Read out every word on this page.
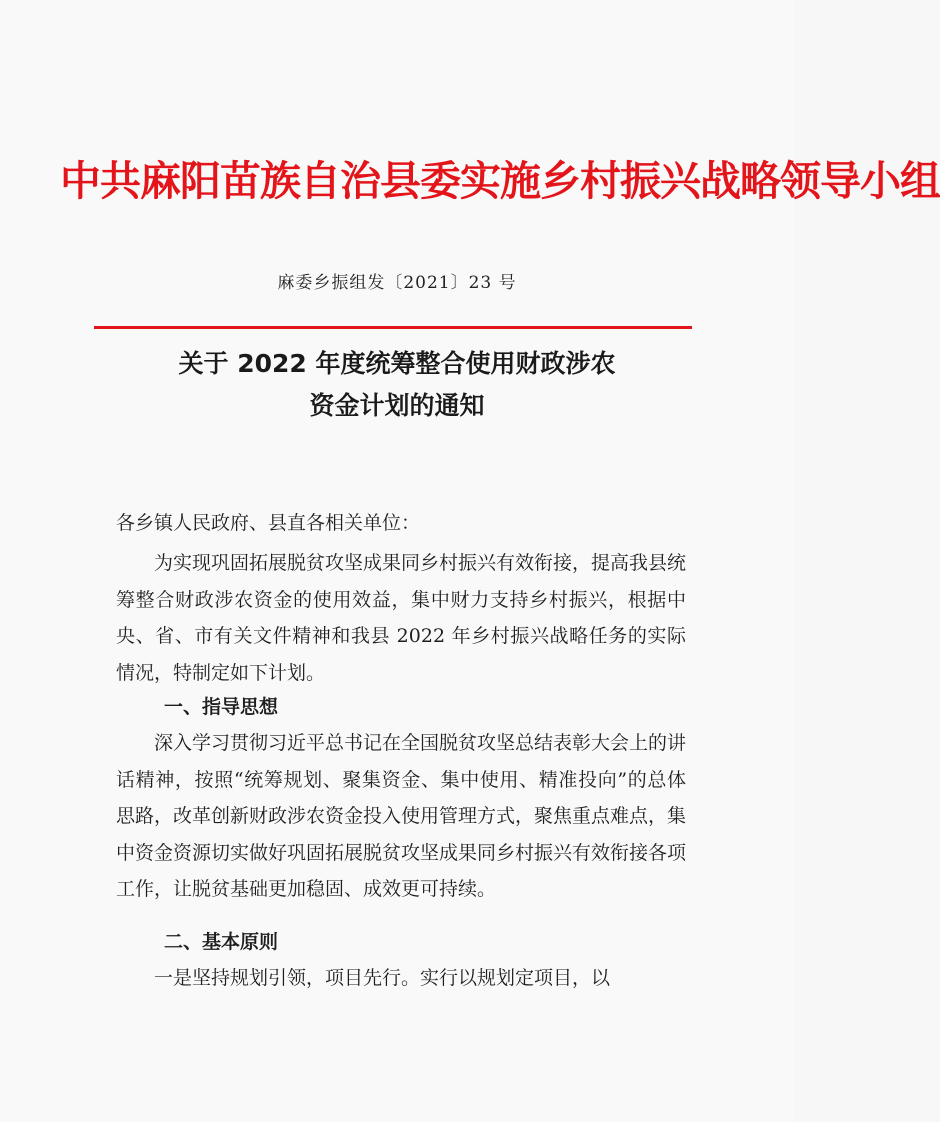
中共麻阳苗族自治县委实施乡村振兴战略领导小组
麻委乡振组发〔2021〕23 号
关于 2022 年度统筹整合使用财政涉农
资金计划的通知
各乡镇人民政府、县直各相关单位：
为实现巩固拓展脱贫攻坚成果同乡村振兴有效衔接，提高我县统筹整合财政涉农资金的使用效益，集中财力支持乡村振兴，根据中央、省、市有关文件精神和我县 2022 年乡村振兴战略任务的实际情况，特制定如下计划。
一、指导思想
深入学习贯彻习近平总书记在全国脱贫攻坚总结表彰大会上的讲话精神，按照“统筹规划、聚集资金、集中使用、精准投向”的总体思路，改革创新财政涉农资金投入使用管理方式，聚焦重点难点，集中资金资源切实做好巩固拓展脱贫攻坚成果同乡村振兴有效衔接各项工作，让脱贫基础更加稳固、成效更可持续。
二、基本原则
一是坚持规划引领，项目先行。实行以规划定项目，以
